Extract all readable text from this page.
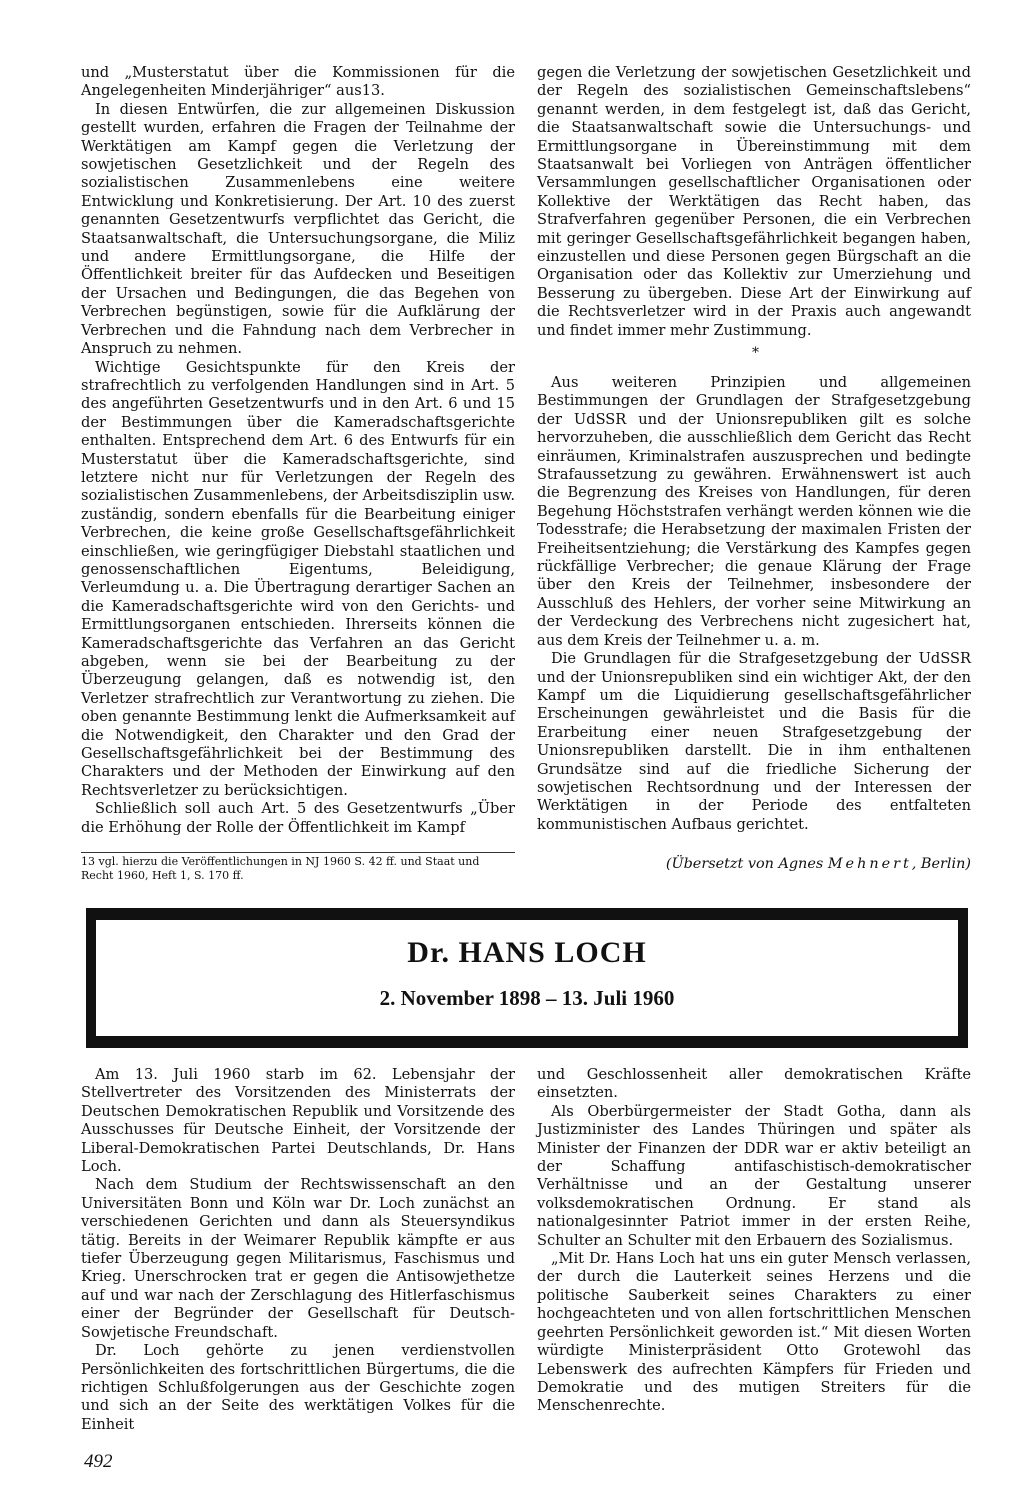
und „Musterstatut über die Kommissionen für die Angelegenheiten Minderjähriger“ aus13.

In diesen Entwürfen, die zur allgemeinen Diskussion gestellt wurden, erfahren die Fragen der Teilnahme der Werktätigen am Kampf gegen die Verletzung der sowjetischen Gesetzlichkeit und der Regeln des sozialistischen Zusammenlebens eine weitere Entwicklung und Konkretisierung. Der Art. 10 des zuerst genannten Gesetzentwurfs verpflichtet das Gericht, die Staatsanwaltschaft, die Untersuchungsorgane, die Miliz und andere Ermittlungsorgane, die Hilfe der Öffentlichkeit breiter für das Aufdecken und Beseitigen der Ursachen und Bedingungen, die das Begehen von Verbrechen begünstigen, sowie für die Aufklärung der Verbrechen und die Fahndung nach dem Verbrecher in Anspruch zu nehmen.

Wichtige Gesichtspunkte für den Kreis der strafrechtlich zu verfolgenden Handlungen sind in Art. 5 des angeführten Gesetzentwurfs und in den Art. 6 und 15 der Bestimmungen über die Kameradschaftsgerichte enthalten. Entsprechend dem Art. 6 des Entwurfs für ein Musterstatut über die Kameradschaftsgerichte, sind letztere nicht nur für Verletzungen der Regeln des sozialistischen Zusammenlebens, der Arbeitsdisziplin usw. zuständig, sondern ebenfalls für die Bearbeitung einiger Verbrechen, die keine große Gesellschaftsgefährlichkeit einschließen, wie geringfügiger Diebstahl staatlichen und genossenschaftlichen Eigentums, Beleidigung, Verleumdung u. a. Die Übertragung derartiger Sachen an die Kameradschaftsgerichte wird von den Gerichts- und Ermittlungsorganen entschieden. Ihrerseits können die Kameradschaftsgerichte das Verfahren an das Gericht abgeben, wenn sie bei der Bearbeitung zu der Überzeugung gelangen, daß es notwendig ist, den Verletzer strafrechtlich zur Verantwortung zu ziehen. Die oben genannte Bestimmung lenkt die Aufmerksamkeit auf die Notwendigkeit, den Charakter und den Grad der Gesellschaftsgefährlichkeit bei der Bestimmung des Charakters und der Methoden der Einwirkung auf den Rechtsverletzer zu berücksichtigen.

Schließlich soll auch Art. 5 des Gesetzentwurfs „Über die Erhöhung der Rolle der Öffentlichkeit im Kampf

13 vgl. hierzu die Veröffentlichungen in NJ 1960 S. 42 ff. und Staat und Recht 1960, Heft 1, S. 170 ff.

gegen die Verletzung der sowjetischen Gesetzlichkeit und der Regeln des sozialistischen Gemeinschaftslebens“ genannt werden, in dem festgelegt ist, daß das Gericht, die Staatsanwaltschaft sowie die Untersuchungs- und Ermittlungsorgane in Übereinstimmung mit dem Staatsanwalt bei Vorliegen von Anträgen öffentlicher Versammlungen gesellschaftlicher Organisationen oder Kollektive der Werktätigen das Recht haben, das Strafverfahren gegenüber Personen, die ein Verbrechen mit geringer Gesellschaftsgefährlichkeit begangen haben, einzustellen und diese Personen gegen Bürgschaft an die Organisation oder das Kollektiv zur Umerziehung und Besserung zu übergeben. Diese Art der Einwirkung auf die Rechtsverletzer wird in der Praxis auch angewandt und findet immer mehr Zustimmung.

*

Aus weiteren Prinzipien und allgemeinen Bestimmungen der Grundlagen der Strafgesetzgebung der UdSSR und der Unionsrepubliken gilt es solche hervorzuheben, die ausschließlich dem Gericht das Recht einräumen, Kriminalstrafen auszusprechen und bedingte Strafaussetzung zu gewähren. Erwähnenswert ist auch die Begrenzung des Kreises von Handlungen, für deren Begehung Höchststrafen verhängt werden können wie die Todesstrafe; die Herabsetzung der maximalen Fristen der Freiheitsentziehung; die Verstärkung des Kampfes gegen rückfällige Verbrecher; die genaue Klärung der Frage über den Kreis der Teilnehmer, insbesondere der Ausschluß des Hehlers, der vorher seine Mitwirkung an der Verdeckung des Verbrechens nicht zugesichert hat, aus dem Kreis der Teilnehmer u. a. m.

Die Grundlagen für die Strafgesetzgebung der UdSSR und der Unionsrepubliken sind ein wichtiger Akt, der den Kampf um die Liquidierung gesellschaftsgefährlicher Erscheinungen gewährleistet und die Basis für die Erarbeitung einer neuen Strafgesetzgebung der Unionsrepubliken darstellt. Die in ihm enthaltenen Grundsätze sind auf die friedliche Sicherung der sowjetischen Rechtsordnung und der Interessen der Werktätigen in der Periode des entfalteten kommunistischen Aufbaus gerichtet.

(Übersetzt von Agnes Mehnert, Berlin)
Dr. HANS LOCH
2. November 1898 – 13. Juli 1960

Am 13. Juli 1960 starb im 62. Lebensjahr der Stellvertreter des Vorsitzenden des Ministerrats der Deutschen Demokratischen Republik und Vorsitzende des Ausschusses für Deutsche Einheit, der Vorsitzende der Liberal-Demokratischen Partei Deutschlands, Dr. Hans Loch.

Nach dem Studium der Rechtswissenschaft an den Universitäten Bonn und Köln war Dr. Loch zunächst an verschiedenen Gerichten und dann als Steuersyndikus tätig. Bereits in der Weimarer Republik kämpfte er aus tiefer Überzeugung gegen Militarismus, Faschismus und Krieg. Unerschrocken trat er gegen die Antisowjethetze auf und war nach der Zerschlagung des Hitlerfaschismus einer der Begründer der Gesellschaft für Deutsch-Sowjetische Freundschaft.

Dr. Loch gehörte zu jenen verdienstvollen Persönlichkeiten des fortschrittlichen Bürgertums, die die richtigen Schlußfolgerungen aus der Geschichte zogen und sich an der Seite des werktätigen Volkes für die Einheit

und Geschlossenheit aller demokratischen Kräfte einsetzten.

Als Oberbürgermeister der Stadt Gotha, dann als Justizminister des Landes Thüringen und später als Minister der Finanzen der DDR war er aktiv beteiligt an der Schaffung antifaschistisch-demokratischer Verhältnisse und an der Gestaltung unserer volksdemokratischen Ordnung. Er stand als nationalgesinnter Patriot immer in der ersten Reihe, Schulter an Schulter mit den Erbauern des Sozialismus.

„Mit Dr. Hans Loch hat uns ein guter Mensch verlassen, der durch die Lauterkeit seines Herzens und die politische Sauberkeit seines Charakters zu einer hochgeachteten und von allen fortschrittlichen Menschen geehrten Persönlichkeit geworden ist.“ Mit diesen Worten würdigte Ministerpräsident Otto Grotewohl das Lebenswerk des aufrechten Kämpfers für Frieden und Demokratie und des mutigen Streiters für die Menschenrechte.

492
